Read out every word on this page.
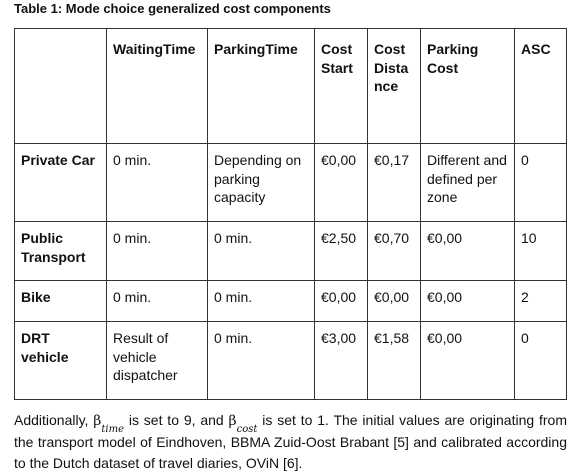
Table 1: Mode choice generalized cost components
	WaitingTime	ParkingTime	CostStart	CostDistance	Parking Cost	ASC
Private Car	0 min.	Depending on parking capacity	€0,00	€0,17	Different and defined per zone	0
Public Transport	0 min.	0 min.	€2,50	€0,70	€0,00	10
Bike	0 min.	0 min.	€0,00	€0,00	€0,00	2
DRT vehicle	Result of vehicle dispatcher	0 min.	€3,00	€1,58	€0,00	0
Additionally, $\beta_{time}$ is set to 9, and $\beta_{cost}$ is set to 1. The initial values are originating from the transport model of Eindhoven, BBMA Zuid-Oost Brabant [5] and calibrated according to the Dutch dataset of travel diaries, OViN [6].
